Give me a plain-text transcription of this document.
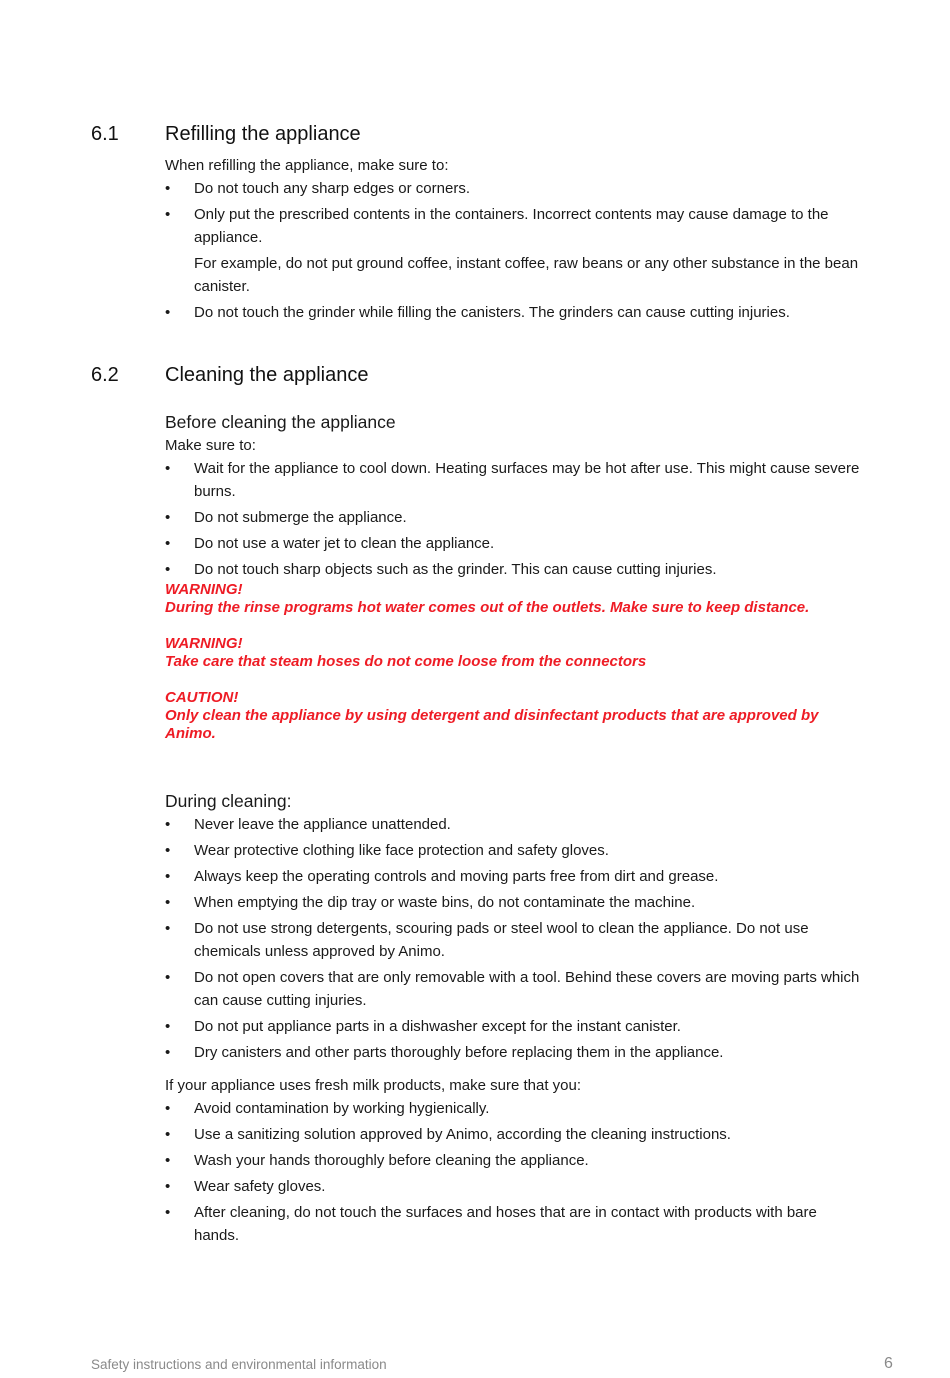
6.1 Refilling the appliance

When refilling the appliance, make sure to:

•	Do not touch any sharp edges or corners.
•	Only put the prescribed contents in the containers. Incorrect contents may cause damage to the appliance.
For example, do not put ground coffee, instant coffee, raw beans or any other substance in the bean canister.
•	Do not touch the grinder while filling the canisters. The grinders can cause cutting injuries.
6.2 Cleaning the appliance

Before cleaning the appliance

Make sure to:

•	Wait for the appliance to cool down. Heating surfaces may be hot after use. This might cause severe burns.
•	Do not submerge the appliance.
•	Do not use a water jet to clean the appliance.
•	Do not touch sharp objects such as the grinder. This can cause cutting injuries.

WARNING!
During the rinse programs hot water comes out of the outlets. Make sure to keep distance.

WARNING!
Take care that steam hoses do not come loose from the connectors

CAUTION!
Only clean the appliance by using detergent and disinfectant products that are approved by Animo.

During cleaning:

•	Never leave the appliance unattended.
•	Wear protective clothing like face protection and safety gloves.
•	Always keep the operating controls and moving parts free from dirt and grease.
•	When emptying the dip tray or waste bins, do not contaminate the machine.
•	Do not use strong detergents, scouring pads or steel wool to clean the appliance. Do not use chemicals unless approved by Animo.
•	Do not open covers that are only removable with a tool. Behind these covers are moving parts which can cause cutting injuries.
•	Do not put appliance parts in a dishwasher except for the instant canister.
•	Dry canisters and other parts thoroughly before replacing them in the appliance.

If your appliance uses fresh milk products, make sure that you:

•	Avoid contamination by working hygienically.
•	Use a sanitizing solution approved by Animo, according the cleaning instructions.
•	Wash your hands thoroughly before cleaning the appliance.
•	Wear safety gloves.
•	After cleaning, do not touch the surfaces and hoses that are in contact with products with bare hands.
Safety instructions and environmental information	6
